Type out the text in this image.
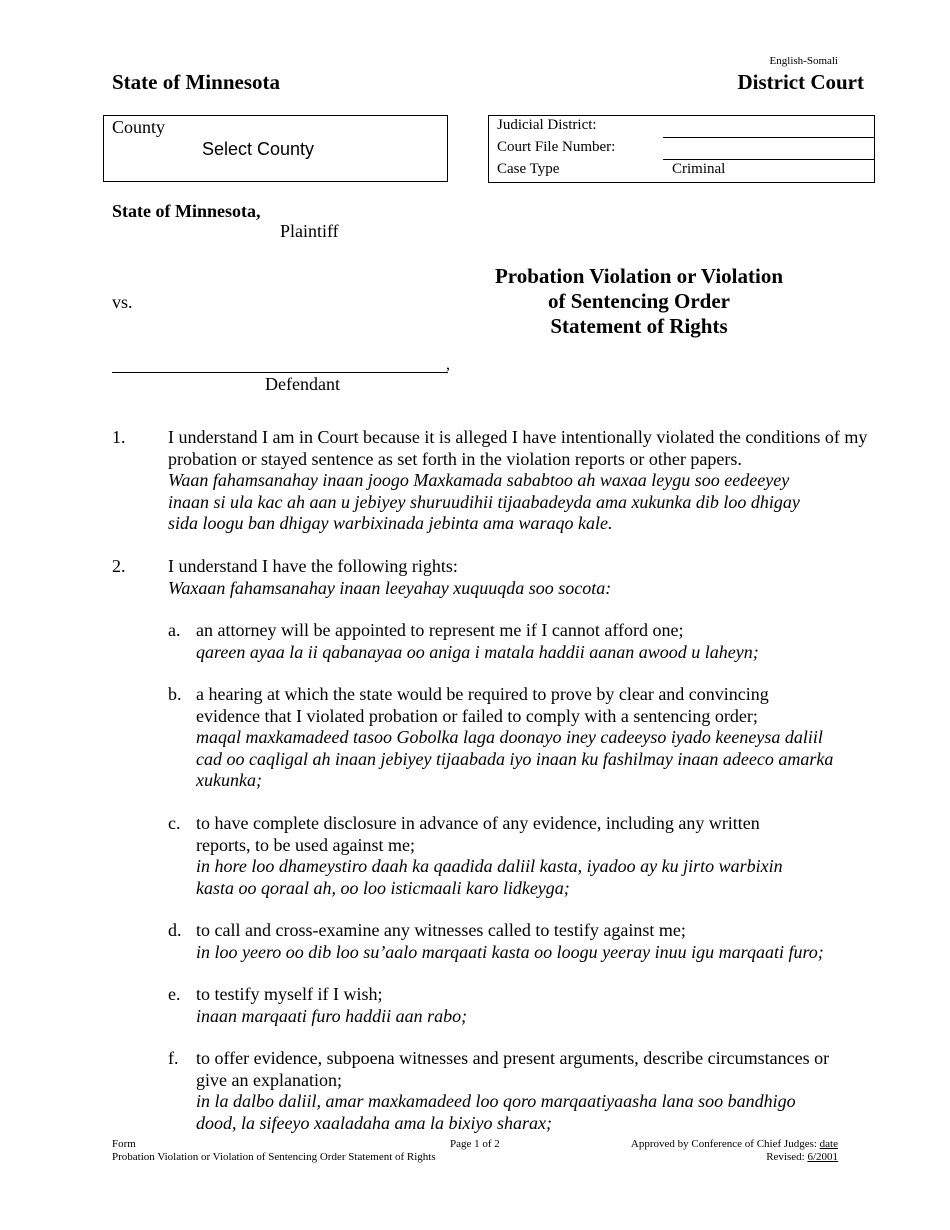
English-Somali
State of Minnesota	District Court
County
Select County
Judicial District:
Court File Number:
Case Type	Criminal
State of Minnesota,
Plaintiff
vs.
Probation Violation or Violation
of Sentencing Order
Statement of Rights
,
Defendant
1. I understand I am in Court because it is alleged I have intentionally violated the conditions of my probation or stayed sentence as set forth in the violation reports or other papers.
Waan fahamsanahay inaan joogo Maxkamada sababtoo ah waxaa leygu soo eedeeyey inaan si ula kac ah aan u jebiyey shuruudihii tijaabadeyda ama xukunka dib loo dhigay sida loogu ban dhigay warbixinada jebinta ama waraqo kale.
2. I understand I have the following rights:
Waxaan fahamsanahay inaan leeyahay xuquuqda soo socota:
a. an attorney will be appointed to represent me if I cannot afford one;
qareen ayaa la ii qabanayaa oo aniga i matala haddii aanan awood u laheyn;
b. a hearing at which the state would be required to prove by clear and convincing evidence that I violated probation or failed to comply with a sentencing order;
maqal maxkamadeed tasoo Gobolka laga doonayo iney cadeeyso iyado keeneysa daliil cad oo caqligal ah inaan jebiyey tijaabada iyo inaan ku fashilmay inaan adeeco amarka xukunka;
c. to have complete disclosure in advance of any evidence, including any written reports, to be used against me;
in hore loo dhameystiro daah ka qaadida daliil kasta, iyadoo ay ku jirto warbixin kasta oo qoraal ah, oo loo isticmaali karo lidkeyga;
d. to call and cross-examine any witnesses called to testify against me;
in loo yeero oo dib loo su’aalo marqaati kasta oo loogu yeeray inuu igu marqaati furo;
e. to testify myself if I wish;
inaan marqaati furo haddii aan rabo;
f. to offer evidence, subpoena witnesses and present arguments, describe circumstances or give an explanation;
in la dalbo daliil, amar maxkamadeed loo qoro marqaatiyaasha lana soo bandhigo dood, la sifeeyo xaaladaha ama la bixiyo sharax;
Form
Probation Violation or Violation of Sentencing Order Statement of Rights
Page 1 of 2	Approved by Conference of Chief Judges: date
Revised: 6/2001
